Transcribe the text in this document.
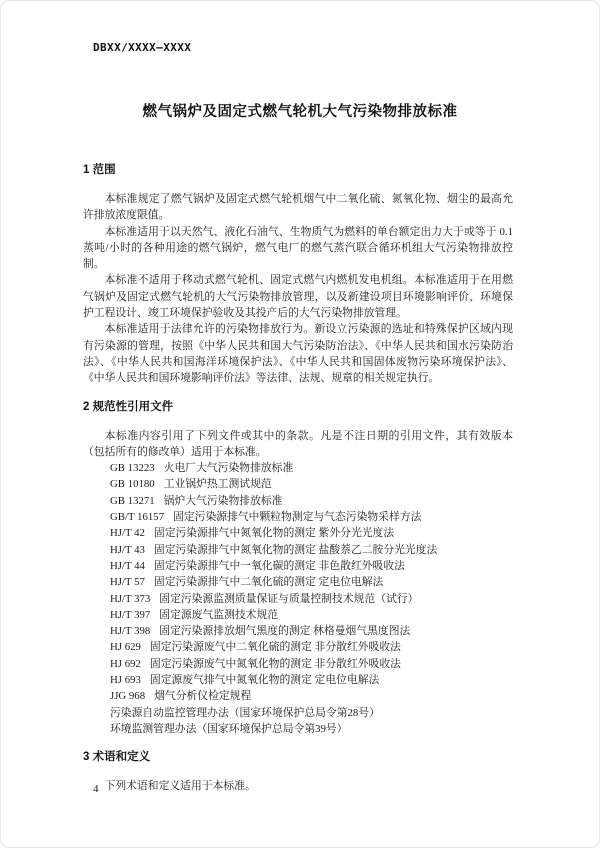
DBXX/XXXX—XXXX
燃气锅炉及固定式燃气轮机大气污染物排放标准
1 范围

本标准规定了燃气锅炉及固定式燃气轮机烟气中二氧化硫、氮氧化物、烟尘的最高允许排放浓度限值。

本标准适用于以天然气、液化石油气、生物质气为燃料的单台额定出力大于或等于 0.1蒸吨/小时的各种用途的燃气锅炉，燃气电厂的燃气蒸汽联合循环机组大气污染物排放控制。

本标准不适用于移动式燃气轮机、固定式燃气内燃机发电机组。本标准适用于在用燃气锅炉及固定式燃气轮机的大气污染物排放管理，以及新建设项目环境影响评价、环境保护工程设计、竣工环境保护验收及其投产后的大气污染物排放管理。

本标准适用于法律允许的污染物排放行为。新设立污染源的选址和特殊保护区域内现有污染源的管理，按照《中华人民共和国大气污染防治法》、《中华人民共和国水污染防治法》、《中华人民共和国海洋环境保护法》、《中华人民共和国固体废物污染环境保护法》、《中华人民共和国环境影响评价法》等法律、法规、规章的相关规定执行。

2 规范性引用文件

本标准内容引用了下列文件或其中的条款。凡是不注日期的引用文件，其有效版本（包括所有的修改单）适用于本标准。

GB 13223 火电厂大气污染物排放标准
GB 10180 工业锅炉热工测试规范
GB 13271 锅炉大气污染物排放标准
GB/T 16157 固定污染源排气中颗粒物测定与气态污染物采样方法
HJ/T 42 固定污染源排气中氮氧化物的测定 紫外分光光度法
HJ/T 43 固定污染源排气中氮氧化物的测定 盐酸萘乙二胺分光光度法
HJ/T 44 固定污染源排气中一氧化碳的测定 非色散红外吸收法
HJ/T 57 固定污染源排气中二氧化硫的测定 定电位电解法
HJ/T 373 固定污染源监测质量保证与质量控制技术规范（试行）
HJ/T 397 固定源废气监测技术规范
HJ/T 398 固定污染源排放烟气黑度的测定 林格曼烟气黑度图法
HJ 629 固定污染源废气中二氧化硫的测定 非分散红外吸收法
HJ 692 固定污染源废气中氮氧化物的测定 非分散红外吸收法
HJ 693 固定源废气排气中氮氧化物的测定 定电位电解法
JJG 968 烟气分析仪检定规程
污染源自动监控管理办法（国家环境保护总局令第28号）
环境监测管理办法（国家环境保护总局令第39号）
3 术语和定义

下列术语和定义适用于本标准。

4
